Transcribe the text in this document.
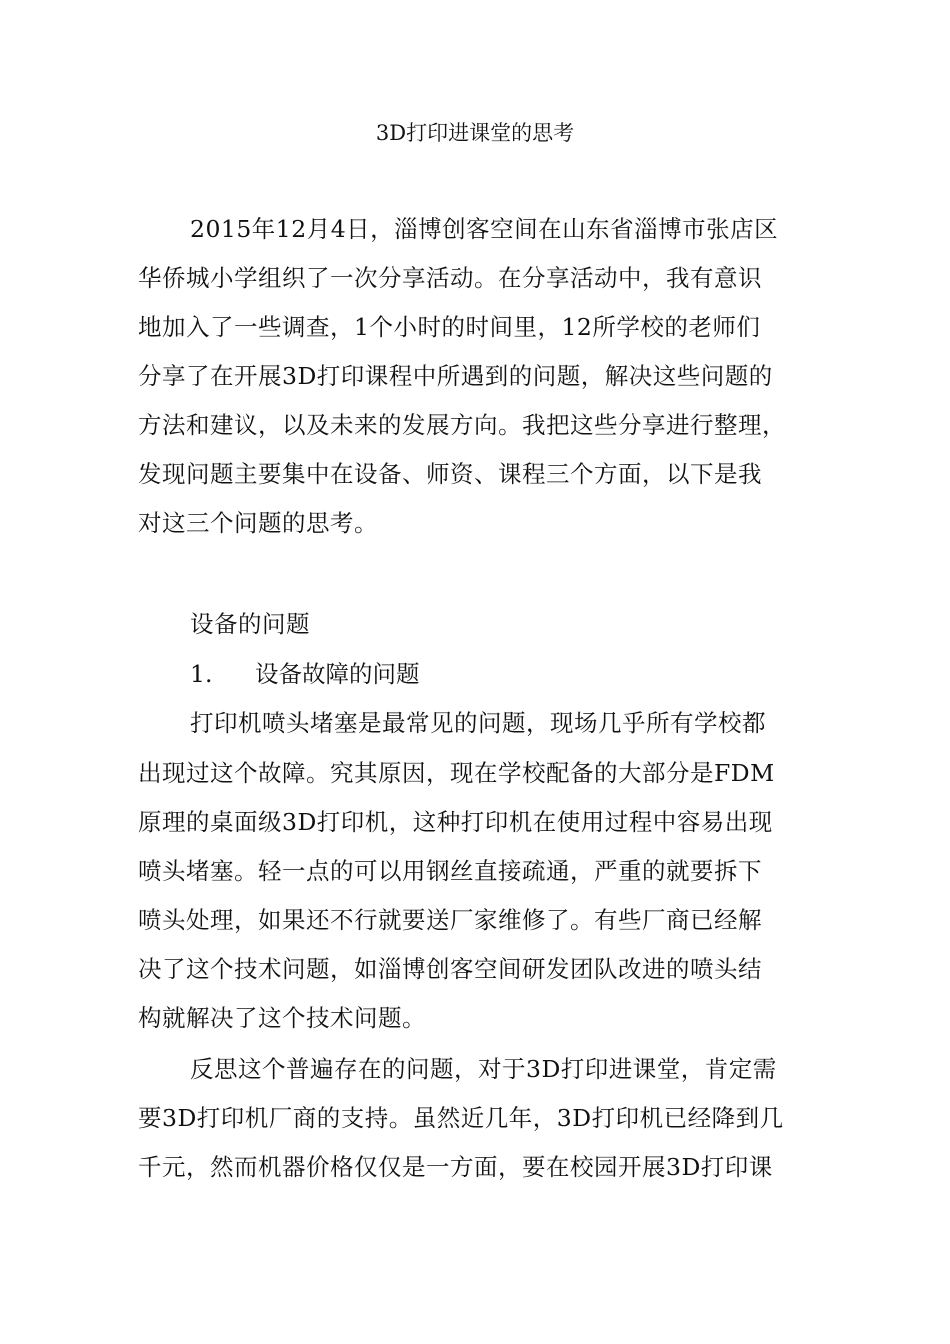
3D打印进课堂的思考
2015年12月4日，淄博创客空间在山东省淄博市张店区
华侨城小学组织了一次分享活动。在分享活动中，我有意识
地加入了一些调查，1个小时的时间里，12所学校的老师们
分享了在开展3D打印课程中所遇到的问题，解决这些问题的
方法和建议，以及未来的发展方向。我把这些分享进行整理，
发现问题主要集中在设备、师资、课程三个方面，以下是我
对这三个问题的思考。
设备的问题
1. 设备故障的问题
打印机喷头堵塞是最常见的问题，现场几乎所有学校都
出现过这个故障。究其原因，现在学校配备的大部分是FDM
原理的桌面级3D打印机，这种打印机在使用过程中容易出现
喷头堵塞。轻一点的可以用钢丝直接疏通，严重的就要拆下
喷头处理，如果还不行就要送厂家维修了。有些厂商已经解
决了这个技术问题，如淄博创客空间研发团队改进的喷头结
构就解决了这个技术问题。
反思这个普遍存在的问题，对于3D打印进课堂，肯定需
要3D打印机厂商的支持。虽然近几年，3D打印机已经降到几
千元，然而机器价格仅仅是一方面，要在校园开展3D打印课
